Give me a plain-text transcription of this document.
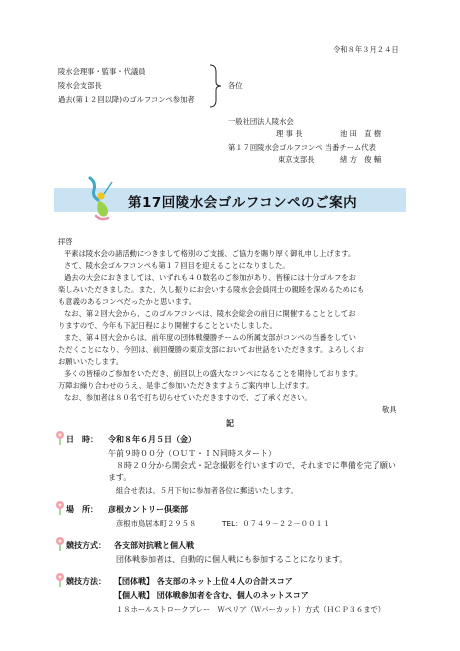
令和８年３月２４日
陵水会理事・監事・代議員
陵水会支部長
過去(第１２回以降)のゴルフコンペ参加者
各位
一般社団法人陵水会
理 事 長	池 田　直 樹
第１７回陵水会ゴルフコンペ 当番チーム代表
東京支部長	緒 方　俊 輔
第17回陵水会ゴルフコンペのご案内
拝啓
平素は陵水会の諸活動につきまして格別のご支援、ご協力を賜り厚く御礼申し上げます。
さて、陵水会ゴルフコンペも第１７回目を迎えることになりました。
過去の大会におきましては、いずれも４０数名のご参加があり、皆様には十分ゴルフをお
楽しみいただきました。また、久し振りにお会いする陵水会会員同士の親睦を深めるためにも
も意義のあるコンペだったかと思います。
なお、第２回大会から、このゴルフコンペは、陵水会総会の前日に開催することとしてお
りますので、今年も下記日程により開催することといたしました。
また、第４回大会からは、前年度の団体戦優勝チームの所属支部がコンペの当番をしてい
ただくことになり、今回は、前回優勝の東京支部においてお世話をいただきます。よろしくお
お願いいたします。
多くの皆様のご参加をいただき、前回以上の盛大なコンペになることを期待しております。
万障お繰り合わせのうえ、是非ご参加いただきますようご案内申し上げます。
なお、参加者は８０名で打ち切らせていただきますので、ご了承ください。
敬具
記
日　時： 令和８年６月５日（金）
午前９時００分（ＯＵＴ・ＩＮ同時スタート）
８時２０分から開会式・記念撮影を行いますので、それまでに準備を完了願い
ます。
組合せ表は、５月下旬に参加者各位に郵送いたします。
場　所： 彦根カントリー倶楽部
彦根市鳥居本町２９５８	TEL：０７４９－２２－００１１
競技方式： 各支部対抗戦と個人戦
団体戦参加者は、自動的に個人戦にも参加することになります。
競技方法： 【団体戦】 各支部のネット上位４人の合計スコア
【個人戦】 団体戦参加者を含む、個人のネットスコア
１８ホールストロークプレー　Ｗペリア（Ｗパーカット）方式（ＨＣＰ３６まで）
